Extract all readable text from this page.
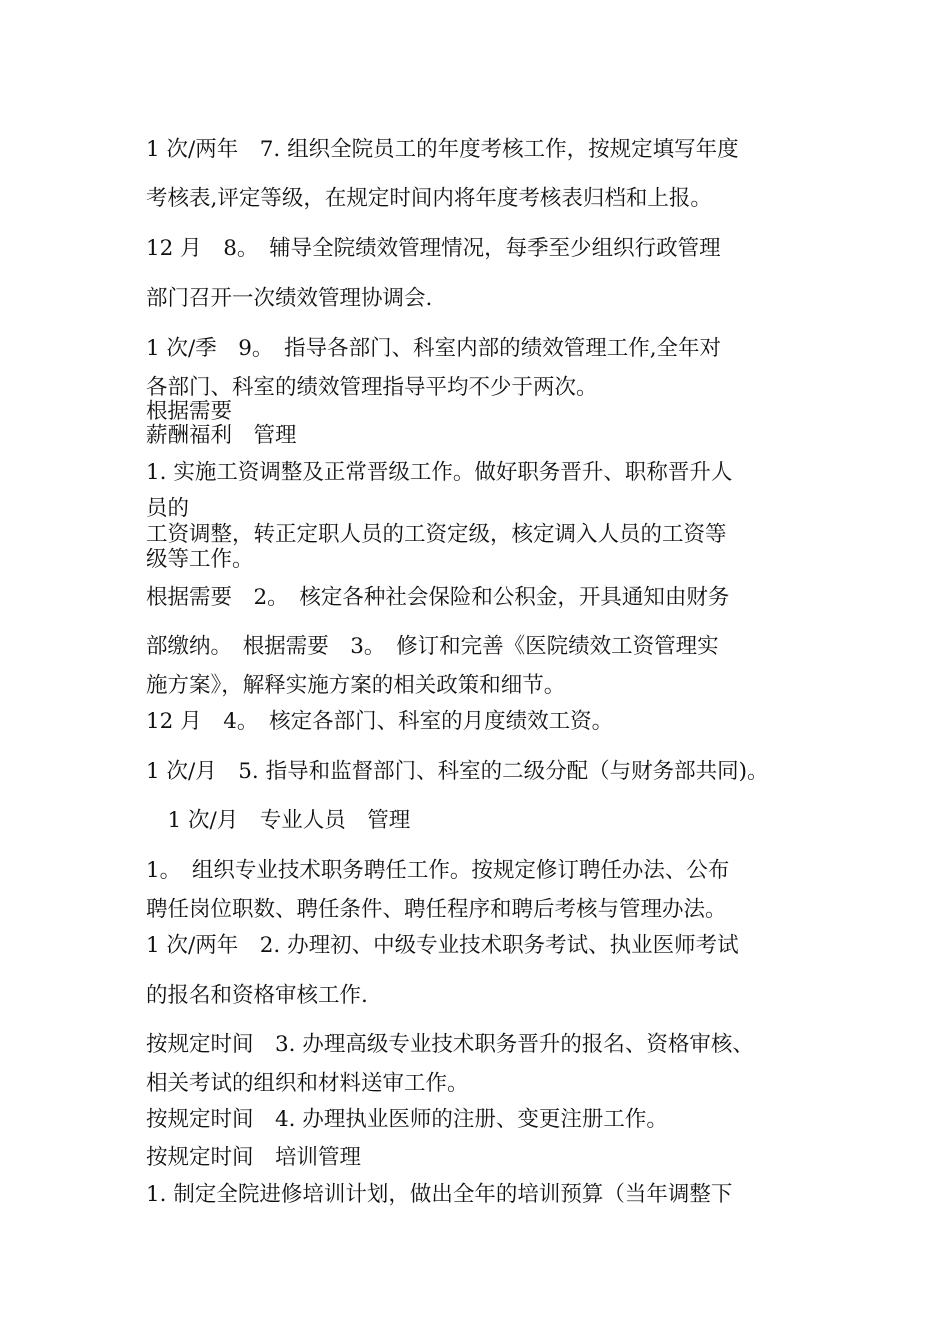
1 次/两年　7. 组织全院员工的年度考核工作，按规定填写年度

考核表,评定等级，在规定时间内将年度考核表归档和上报。

12 月　8。　辅导全院绩效管理情况，每季至少组织行政管理

部门召开一次绩效管理协调会.

1 次/季　9。　指导各部门、科室内部的绩效管理工作,全年对

各部门、科室的绩效管理指导平均不少于两次。

根据需要

薪酬福利　管理

1. 实施工资调整及正常晋级工作。做好职务晋升、职称晋升人

员的

工资调整，转正定职人员的工资定级，核定调入人员的工资等

级等工作。

根据需要　2。　核定各种社会保险和公积金，开具通知由财务

部缴纳。　根据需要　3。　修订和完善《医院绩效工资管理实

施方案》，解释实施方案的相关政策和细节。

12 月　4。　核定各部门、科室的月度绩效工资。

1 次/月　5. 指导和监督部门、科室的二级分配（与财务部共同)。

　1 次/月　专业人员　管理

1。　组织专业技术职务聘任工作。按规定修订聘任办法、公布

聘任岗位职数、聘任条件、聘任程序和聘后考核与管理办法。

1 次/两年　2. 办理初、中级专业技术职务考试、执业医师考试

的报名和资格审核工作.

按规定时间　3. 办理高级专业技术职务晋升的报名、资格审核、

相关考试的组织和材料送审工作。

按规定时间　4. 办理执业医师的注册、变更注册工作。

按规定时间　培训管理

1. 制定全院进修培训计划，做出全年的培训预算（当年调整下
